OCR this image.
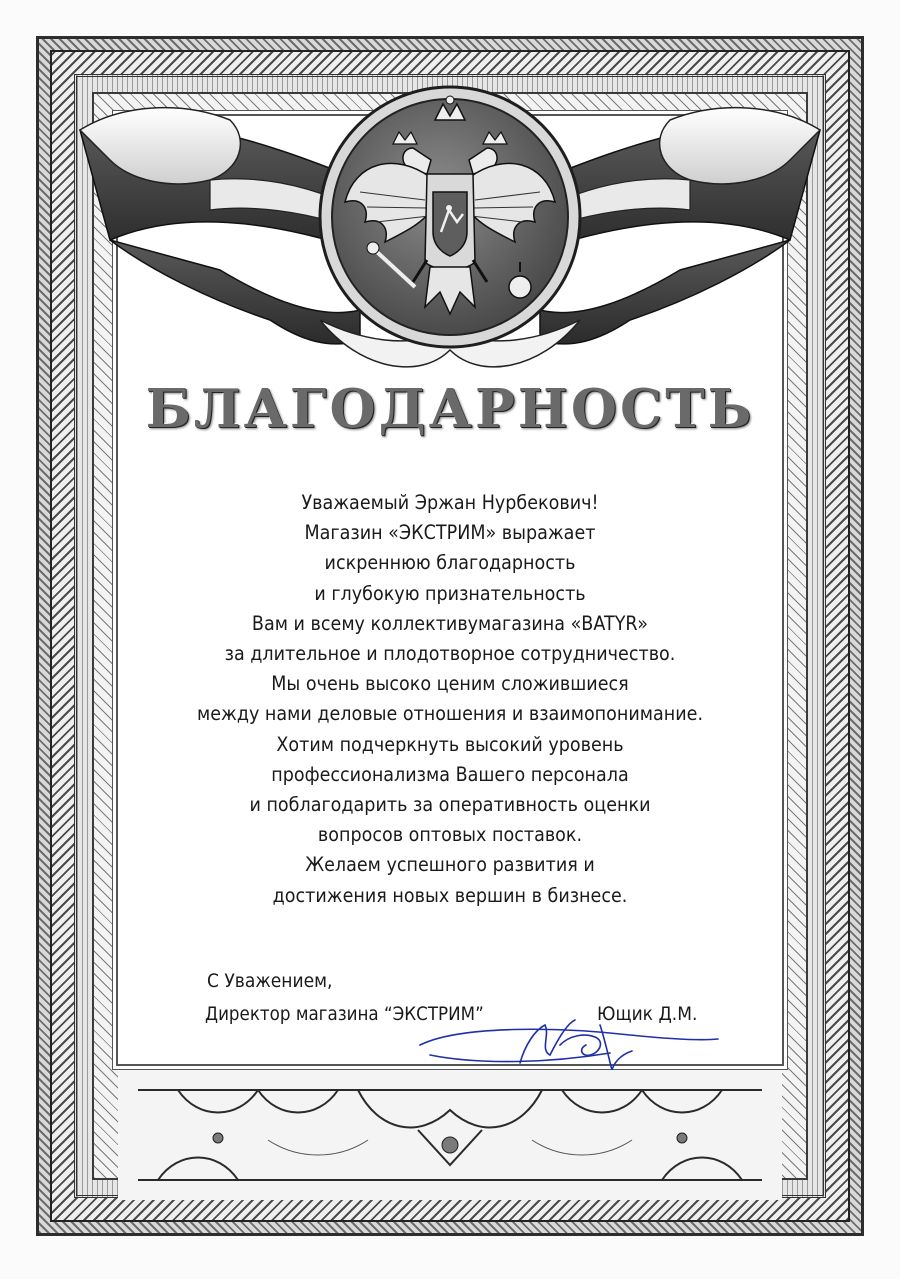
БЛАГОДАРНОСТЬ
Уважаемый Эржан Нурбекович!
Магазин «ЭКСТРИМ» выражает
искреннюю благодарность
и глубокую признательность
Вам и всему коллективумагазина «BATYR»
за длительное и плодотворное сотрудничество.
Мы очень высоко ценим сложившиеся
между нами деловые отношения и взаимопонимание.
Хотим подчеркнуть высокий уровень
профессионализма Вашего персонала
и поблагодарить за оперативность оценки
вопросов оптовых поставок.
Желаем успешного развития и
достижения новых вершин в бизнесе.
С Уважением,
Директор магазина “ЭКСТРИМ”	Ющик Д.М.
